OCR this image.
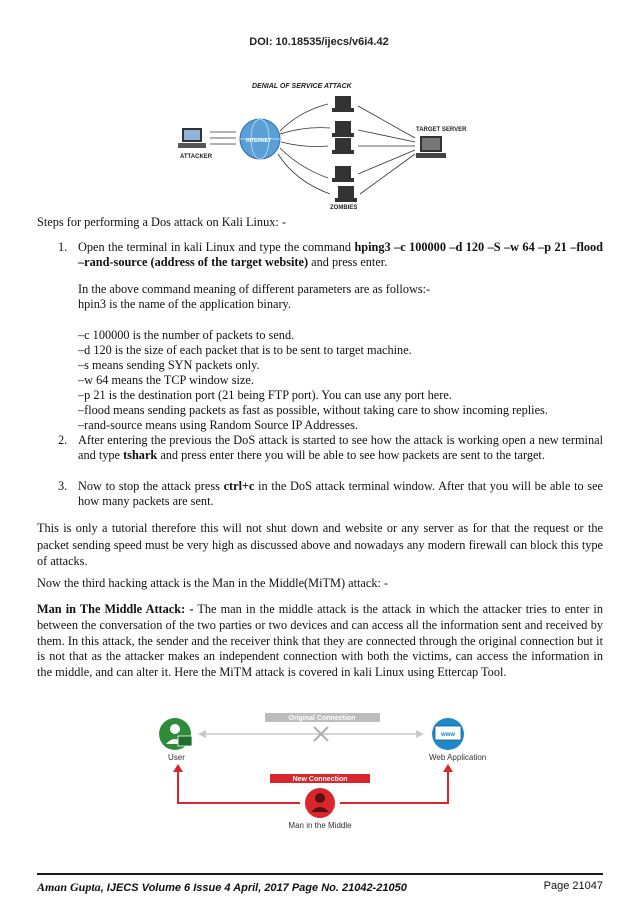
DOI: 10.18535/ijecs/v6i4.42
DENIAL OF SERVICE ATTACK
ATTACKER
INTERNET
ZOMBIES
TARGET SERVER
Steps for performing a Dos attack on Kali Linux: -
1. Open the terminal in kali Linux and type the command hping3 –c 100000 –d 120 –S –w 64 –p 21 –flood –rand-source (address of the target website) and press enter.
In the above command meaning of different parameters are as follows:-
hpin3 is the name of the application binary.
–c 100000 is the number of packets to send.
–d 120 is the size of each packet that is to be sent to target machine.
–s means sending SYN packets only.
–w 64 means the TCP window size.
–p 21 is the destination port (21 being FTP port). You can use any port here.
–flood means sending packets as fast as possible, without taking care to show incoming replies.
–rand-source means using Random Source IP Addresses.
2. After entering the previous the DoS attack is started to see how the attack is working open a new terminal and type tshark and press enter there you will be able to see how packets are sent to the target.
3. Now to stop the attack press ctrl+c in the DoS attack terminal window. After that you will be able to see how many packets are sent.
This is only a tutorial therefore this will not shut down and website or any server as for that the request or the packet sending speed must be very high as discussed above and nowadays any modern firewall can block this type of attacks.
Now the third hacking attack is the Man in the Middle(MiTM) attack: -
Man in The Middle Attack: - The man in the middle attack is the attack in which the attacker tries to enter in between the conversation of the two parties or two devices and can access all the information sent and received by them. In this attack, the sender and the receiver think that they are connected through the original connection but it is not that as the attacker makes an independent connection with both the victims, can access the information in the middle, and can alter it. Here the MiTM attack is covered in kali Linux using Ettercap Tool.
Original Connection
User
www
Web Application
New Connection
Man in the Middle
Aman Gupta, IJECS Volume 6 Issue 4 April, 2017 Page No. 21042-21050	Page 21047
